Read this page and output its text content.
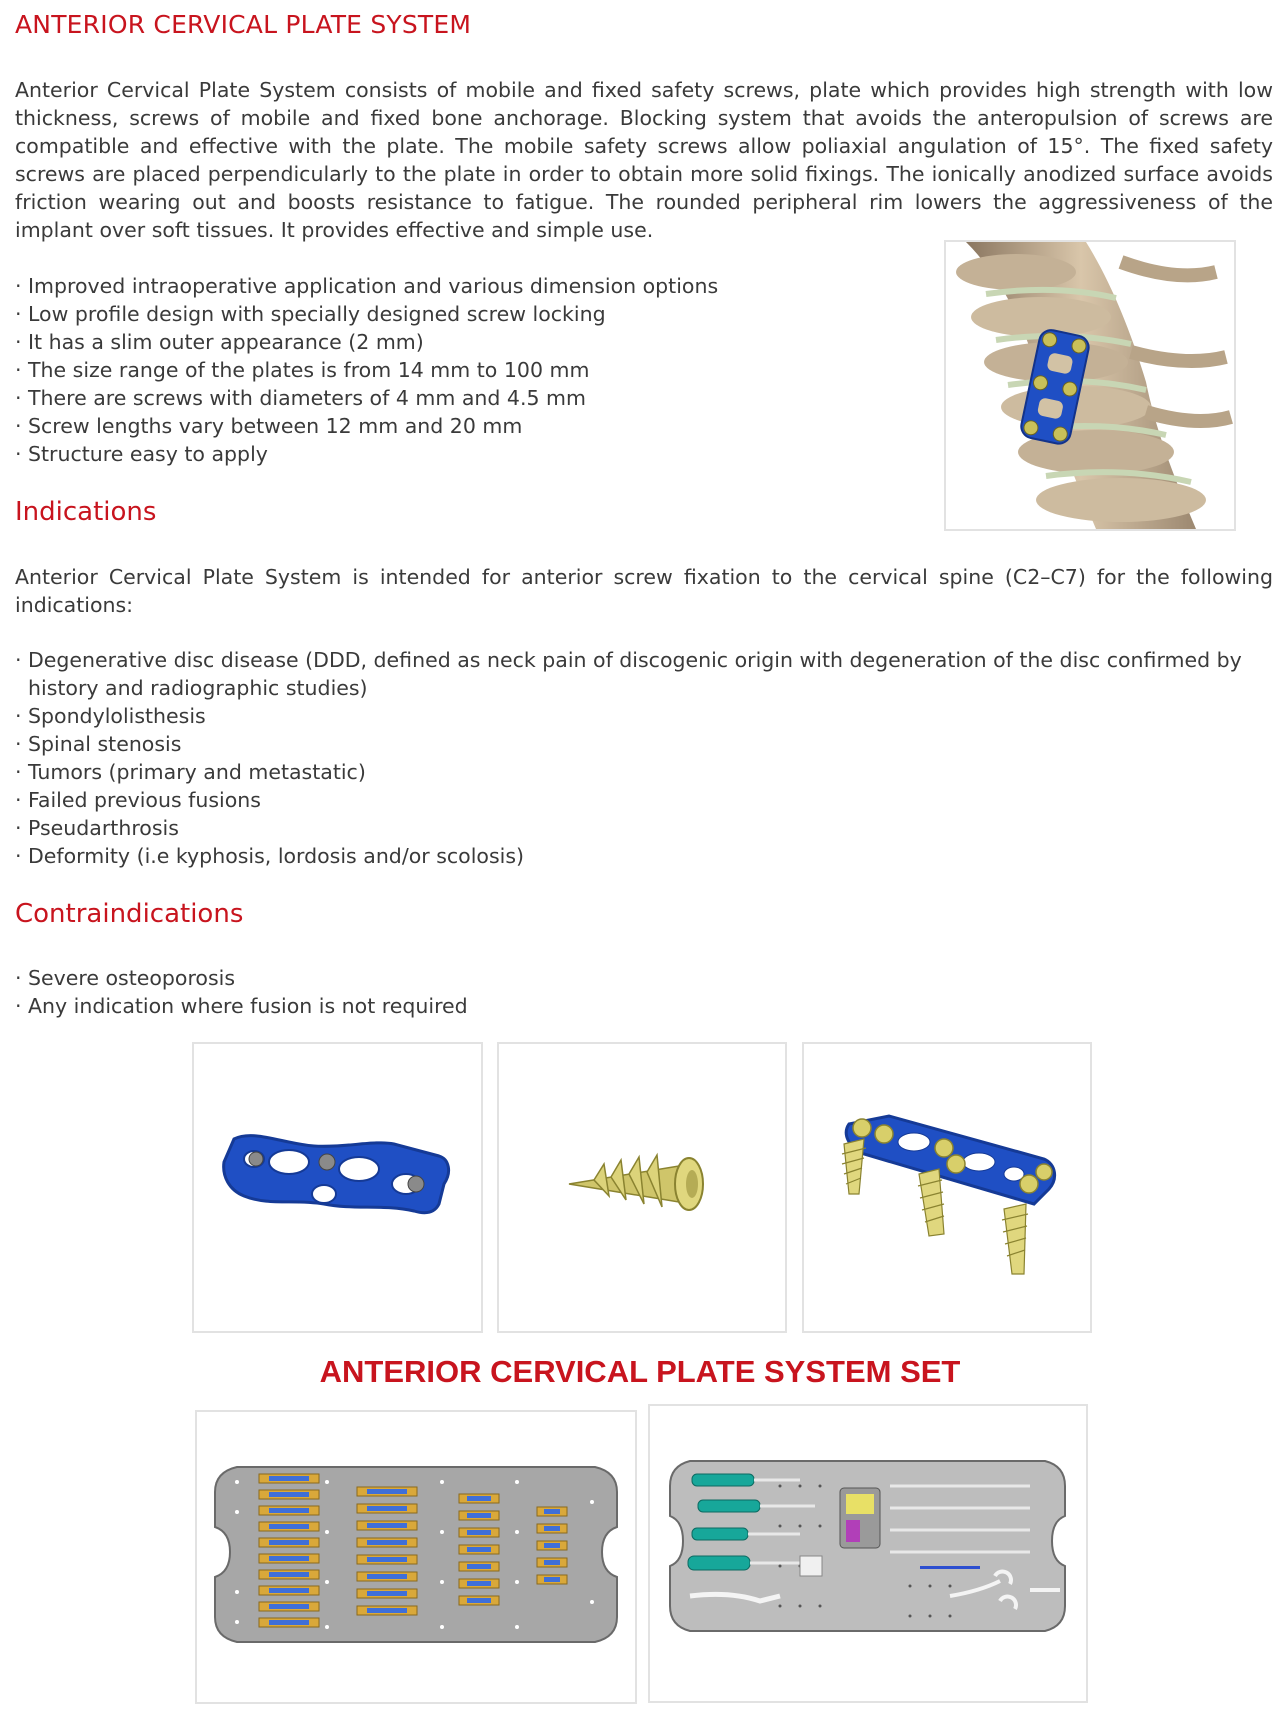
ANTERIOR CERVICAL PLATE SYSTEM

Anterior Cervical Plate System consists of mobile and fixed safety screws, plate which provides high strength with low thickness, screws of mobile and fixed bone anchorage. Blocking system that avoids the anteropulsion of screws are compatible and effective with the plate. The mobile safety screws allow poliaxial angulation of 15°. The fixed safety screws are placed perpendicularly to the plate in order to obtain more solid fixings. The ionically anodized surface avoids friction wearing out and boosts resistance to fatigue. The rounded peripheral rim lowers the aggressiveness of the implant over soft tissues. It provides effective and simple use.

· Improved intraoperative application and various dimension options
· Low profile design with specially designed screw locking
· It has a slim outer appearance (2 mm)
· The size range of the plates is from 14 mm to 100 mm
· There are screws with diameters of 4 mm and 4.5 mm
· Screw lengths vary between 12 mm and 20 mm
· Structure easy to apply
Indications

Anterior Cervical Plate System is intended for anterior screw fixation to the cervical spine (C2–C7) for the following indications:

· Degenerative disc disease (DDD, defined as neck pain of discogenic origin with degeneration of the disc confirmed by history and radiographic studies)
· Spondylolisthesis
· Spinal stenosis
· Tumors (primary and metastatic)
· Failed previous fusions
· Pseudarthrosis
· Deformity (i.e kyphosis, lordosis and/or scolosis)
Contraindications
· Severe osteoporosis
· Any indication where fusion is not required
ANTERIOR CERVICAL PLATE SYSTEM SET
